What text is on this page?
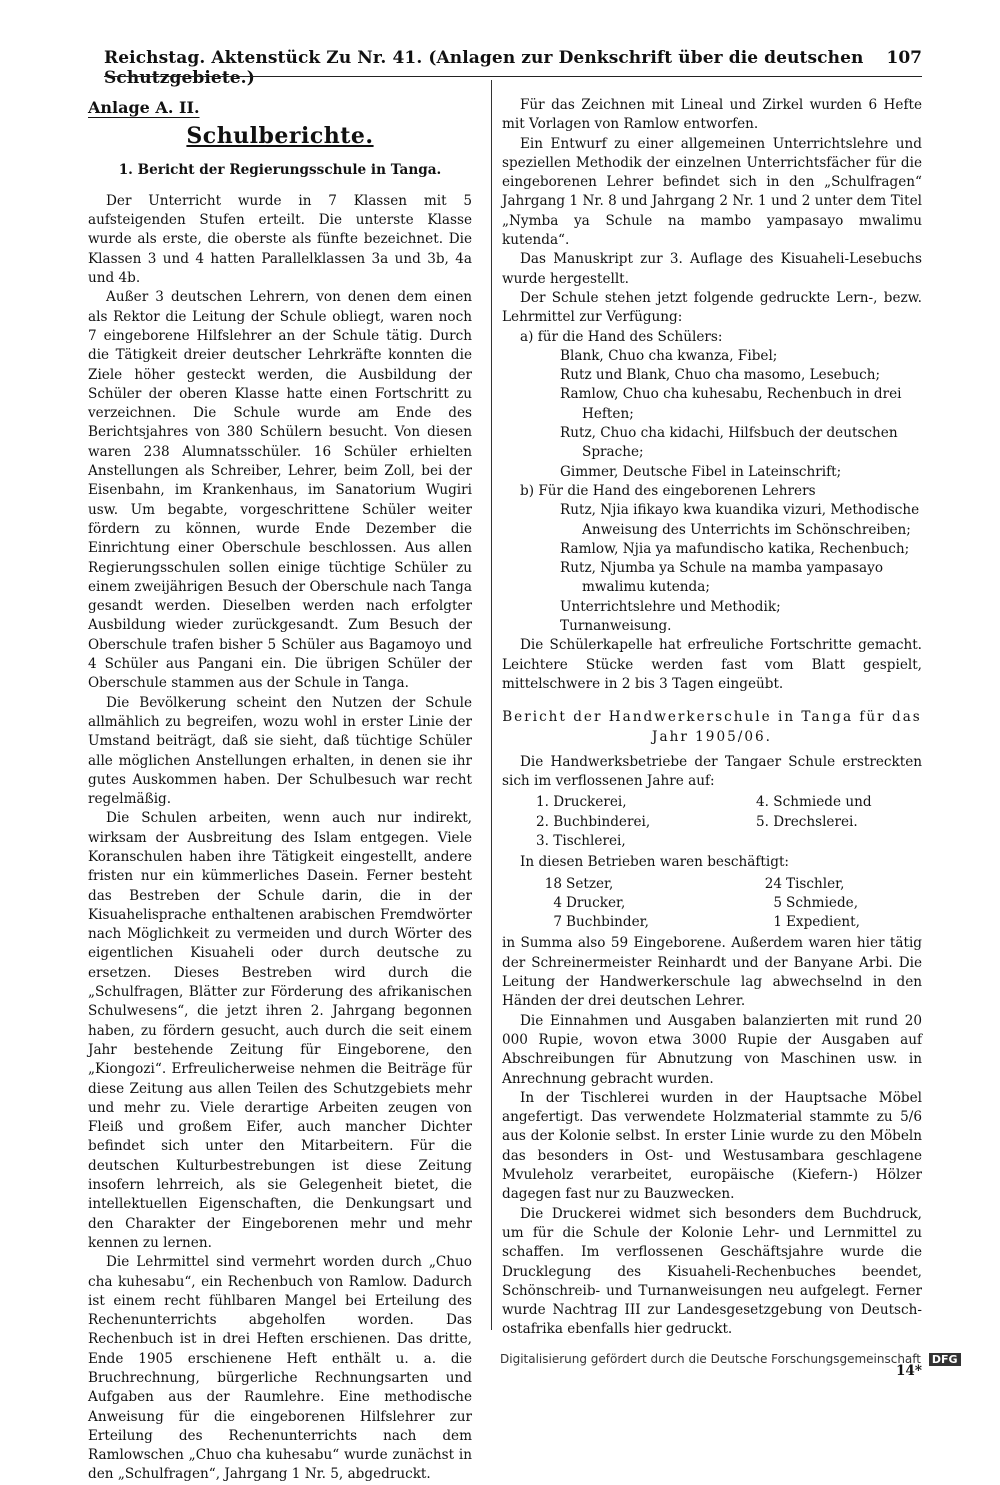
Reichstag. Aktenstück Zu Nr. 41. (Anlagen zur Denkschrift über die deutschen Schutzgebiete.)
107
Anlage A. II.
Schulberichte.
1. Bericht der Regierungsschule in Tanga.

Der Unterricht wurde in 7 Klassen mit 5 aufsteigenden Stufen erteilt. Die unterste Klasse wurde als erste, die oberste als fünfte bezeichnet. Die Klassen 3 und 4 hatten Parallelklassen 3a und 3b, 4a und 4b.

Außer 3 deutschen Lehrern, von denen dem einen als Rektor die Leitung der Schule obliegt, waren noch 7 eingeborene Hilfslehrer an der Schule tätig. Durch die Tätigkeit dreier deutscher Lehrkräfte konnten die Ziele höher gesteckt werden, die Ausbildung der Schüler der oberen Klasse hatte einen Fortschritt zu verzeichnen. Die Schule wurde am Ende des Berichtsjahres von 380 Schülern besucht. Von diesen waren 238 Alumnatsschüler. 16 Schüler erhielten Anstellungen als Schreiber, Lehrer, beim Zoll, bei der Eisenbahn, im Krankenhaus, im Sanatorium Wugiri usw. Um begabte, vorgeschrittene Schüler weiter fördern zu können, wurde Ende Dezember die Einrichtung einer Oberschule beschlossen. Aus allen Regierungsschulen sollen einige tüchtige Schüler zu einem zweijährigen Besuch der Oberschule nach Tanga gesandt werden. Dieselben werden nach erfolgter Ausbildung wieder zurückgesandt. Zum Besuch der Oberschule trafen bisher 5 Schüler aus Bagamoyo und 4 Schüler aus Pangani ein. Die übrigen Schüler der Oberschule stammen aus der Schule in Tanga.

Die Bevölkerung scheint den Nutzen der Schule allmählich zu begreifen, wozu wohl in erster Linie der Umstand beiträgt, daß sie sieht, daß tüchtige Schüler alle möglichen Anstellungen erhalten, in denen sie ihr gutes Auskommen haben. Der Schulbesuch war recht regelmäßig.

Die Schulen arbeiten, wenn auch nur indirekt, wirksam der Ausbreitung des Islam entgegen. Viele Koranschulen haben ihre Tätigkeit eingestellt, andere fristen nur ein kümmerliches Dasein. Ferner besteht das Bestreben der Schule darin, die in der Kisuahelisprache enthaltenen arabischen Fremdwörter nach Möglichkeit zu vermeiden und durch Wörter des eigentlichen Kisuaheli oder durch deutsche zu ersetzen. Dieses Bestreben wird durch die „Schulfragen, Blätter zur Förderung des afrikanischen Schulwesens“, die jetzt ihren 2. Jahrgang begonnen haben, zu fördern gesucht, auch durch die seit einem Jahr bestehende Zeitung für Eingeborene, den „Kiongozi“. Erfreulicherweise nehmen die Beiträge für diese Zeitung aus allen Teilen des Schutzgebiets mehr und mehr zu. Viele derartige Arbeiten zeugen von Fleiß und großem Eifer, auch mancher Dichter befindet sich unter den Mitarbeitern. Für die deutschen Kulturbestrebungen ist diese Zeitung insofern lehrreich, als sie Gelegenheit bietet, die intellektuellen Eigenschaften, die Denkungsart und den Charakter der Eingeborenen mehr und mehr kennen zu lernen.

Die Lehrmittel sind vermehrt worden durch „Chuo cha kuhesabu“, ein Rechenbuch von Ramlow. Dadurch ist einem recht fühlbaren Mangel bei Erteilung des Rechenunterrichts abgeholfen worden. Das Rechenbuch ist in drei Heften erschienen. Das dritte, Ende 1905 erschienene Heft enthält u. a. die Bruchrechnung, bürgerliche Rechnungsarten und Aufgaben aus der Raumlehre. Eine methodische Anweisung für die eingeborenen Hilfslehrer zur Erteilung des Rechenunterrichts nach dem Ramlowschen „Chuo cha kuhesabu“ wurde zunächst in den „Schulfragen“, Jahrgang 1 Nr. 5, abgedruckt.

Für das Zeichnen mit Lineal und Zirkel wurden 6 Hefte mit Vorlagen von Ramlow entworfen.

Ein Entwurf zu einer allgemeinen Unterrichtslehre und speziellen Methodik der einzelnen Unterrichtsfächer für die eingeborenen Lehrer befindet sich in den „Schulfragen“ Jahrgang 1 Nr. 8 und Jahrgang 2 Nr. 1 und 2 unter dem Titel „Nymba ya Schule na mambo yampasayo mwalimu kutenda“.

Das Manuskript zur 3. Auflage des Kisuaheli-Lesebuchs wurde hergestellt.

Der Schule stehen jetzt folgende gedruckte Lern-, bezw. Lehrmittel zur Verfügung:

a) für die Hand des Schülers:
Blank, Chuo cha kwanza, Fibel;
Rutz und Blank, Chuo cha masomo, Lesebuch;
Ramlow, Chuo cha kuhesabu, Rechenbuch in drei Heften;
Rutz, Chuo cha kidachi, Hilfsbuch der deutschen Sprache;
Gimmer, Deutsche Fibel in Lateinschrift;
b) Für die Hand des eingeborenen Lehrers
Rutz, Njia ifikayo kwa kuandika vizuri, Methodische Anweisung des Unterrichts im Schönschreiben;
Ramlow, Njia ya mafundischo katika, Rechenbuch;
Rutz, Njumba ya Schule na mamba yampasayo mwalimu kutenda;
Unterrichtslehre und Methodik;
Turnanweisung.

Die Schülerkapelle hat erfreuliche Fortschritte gemacht. Leichtere Stücke werden fast vom Blatt gespielt, mittelschwere in 2 bis 3 Tagen eingeübt.

Bericht der Handwerkerschule in Tanga für das Jahr 1905/06.

Die Handwerksbetriebe der Tangaer Schule erstreckten sich im verflossenen Jahre auf:

1. Druckerei,	4. Schmiede und
2. Buchbinderei,	5. Drechslerei.
3. Tischlerei,

In diesen Betrieben waren beschäftigt:

18 Setzer,	24 Tischler,
4 Drucker,	5 Schmiede,
7 Buchbinder,	1 Expedient,

in Summa also 59 Eingeborene. Außerdem waren hier tätig der Schreinermeister Reinhardt und der Banyane Arbi. Die Leitung der Handwerkerschule lag abwechselnd in den Händen der drei deutschen Lehrer.

Die Einnahmen und Ausgaben balanzierten mit rund 20 000 Rupie, wovon etwa 3000 Rupie der Ausgaben auf Abschreibungen für Abnutzung von Maschinen usw. in Anrechnung gebracht wurden.

In der Tischlerei wurden in der Hauptsache Möbel angefertigt. Das verwendete Holzmaterial stammte zu 5/6 aus der Kolonie selbst. In erster Linie wurde zu den Möbeln das besonders in Ost- und Westusambara geschlagene Mvuleholz verarbeitet, europäische (Kiefern-) Hölzer dagegen fast nur zu Bauzwecken.

Die Druckerei widmet sich besonders dem Buchdruck, um für die Schule der Kolonie Lehr- und Lernmittel zu schaffen. Im verflossenen Geschäftsjahre wurde die Drucklegung des Kisuaheli-Rechenbuches beendet, Schönschreib- und Turnanweisungen neu aufgelegt. Ferner wurde Nachtrag III zur Landesgesetzgebung von Deutsch-ostafrika ebenfalls hier gedruckt.

14*
Digitalisierung gefördert durch die Deutsche Forschungsgemeinschaft DFG
